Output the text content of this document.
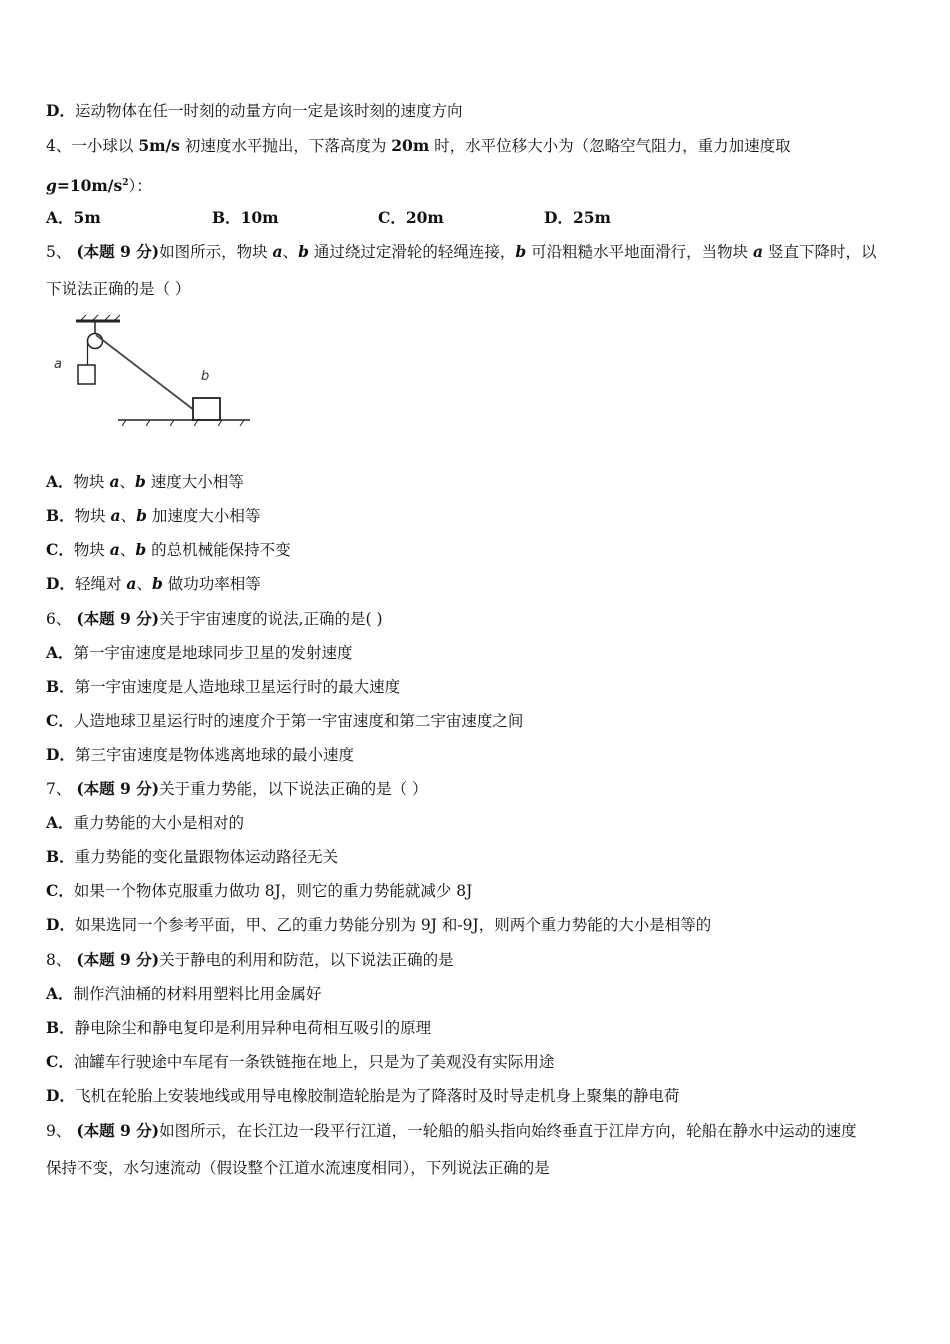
D．运动物体在任一时刻的动量方向一定是该时刻的速度方向
4、一小球以 5m/s 初速度水平抛出，下落高度为 20m 时，水平位移大小为（忽略空气阻力，重力加速度取
$g=10m/s^2$）：
A．5m	B．10m	C．20m	D．25m
5、 (本题 9 分)如图所示，物块 a、b 通过绕过定滑轮的轻绳连接，b 可沿粗糙水平地面滑行，当物块 a 竖直下降时，以
下说法正确的是（ ）
a
b
A．物块 a、b 速度大小相等
B．物块 a、b 加速度大小相等
C．物块 a、b 的总机械能保持不变
D．轻绳对 a、b 做功功率相等
6、 (本题 9 分)关于宇宙速度的说法,正确的是( )
A．第一宇宙速度是地球同步卫星的发射速度
B．第一宇宙速度是人造地球卫星运行时的最大速度
C．人造地球卫星运行时的速度介于第一宇宙速度和第二宇宙速度之间
D．第三宇宙速度是物体逃离地球的最小速度
7、 (本题 9 分)关于重力势能，以下说法正确的是（ ）
A．重力势能的大小是相对的
B．重力势能的变化量跟物体运动路径无关
C．如果一个物体克服重力做功 8J，则它的重力势能就减少 8J
D．如果选同一个参考平面，甲、乙的重力势能分别为 9J 和-9J，则两个重力势能的大小是相等的
8、 (本题 9 分)关于静电的利用和防范，以下说法正确的是
A．制作汽油桶的材料用塑料比用金属好
B．静电除尘和静电复印是利用异种电荷相互吸引的原理
C．油罐车行驶途中车尾有一条铁链拖在地上，只是为了美观没有实际用途
D．飞机在轮胎上安装地线或用导电橡胶制造轮胎是为了降落时及时导走机身上聚集的静电荷
9、 (本题 9 分)如图所示，在长江边一段平行江道，一轮船的船头指向始终垂直于江岸方向，轮船在静水中运动的速度
保持不变，水匀速流动（假设整个江道水流速度相同），下列说法正确的是
